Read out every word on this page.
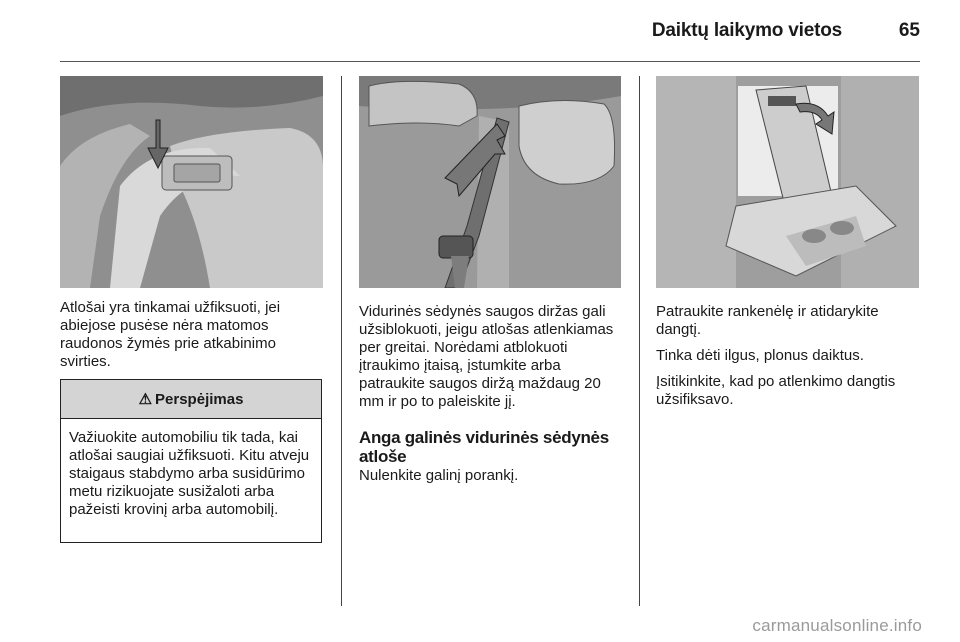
Daiktų laikymo vietos	65
Atlošai yra tinkamai užfiksuoti, jei abiejose pusėse nėra matomos raudonos žymės prie atkabinimo svirties.
⚠ Perspėjimas
Važiuokite automobiliu tik tada, kai atlošai saugiai užfiksuoti. Kitu atveju staigaus stabdymo arba susidūrimo metu rizikuojate susižaloti arba pažeisti krovinį arba automobilį.
Vidurinės sėdynės saugos diržas gali užsiblokuoti, jeigu atlošas atlenkiamas per greitai. Norėdami atblokuoti įtraukimo įtaisą, įstumkite arba patraukite saugos diržą maždaug 20 mm ir po to paleiskite jį.
Anga galinės vidurinės sėdynės atlošе
Nulenkite galinį porankį.

Patraukite rankenėlę ir atidarykite dangtį.

Tinka dėti ilgus, plonus daiktus.

Įsitikinkite, kad po atlenkimo dangtis užsifiksavo.

carmanualsonline.info
